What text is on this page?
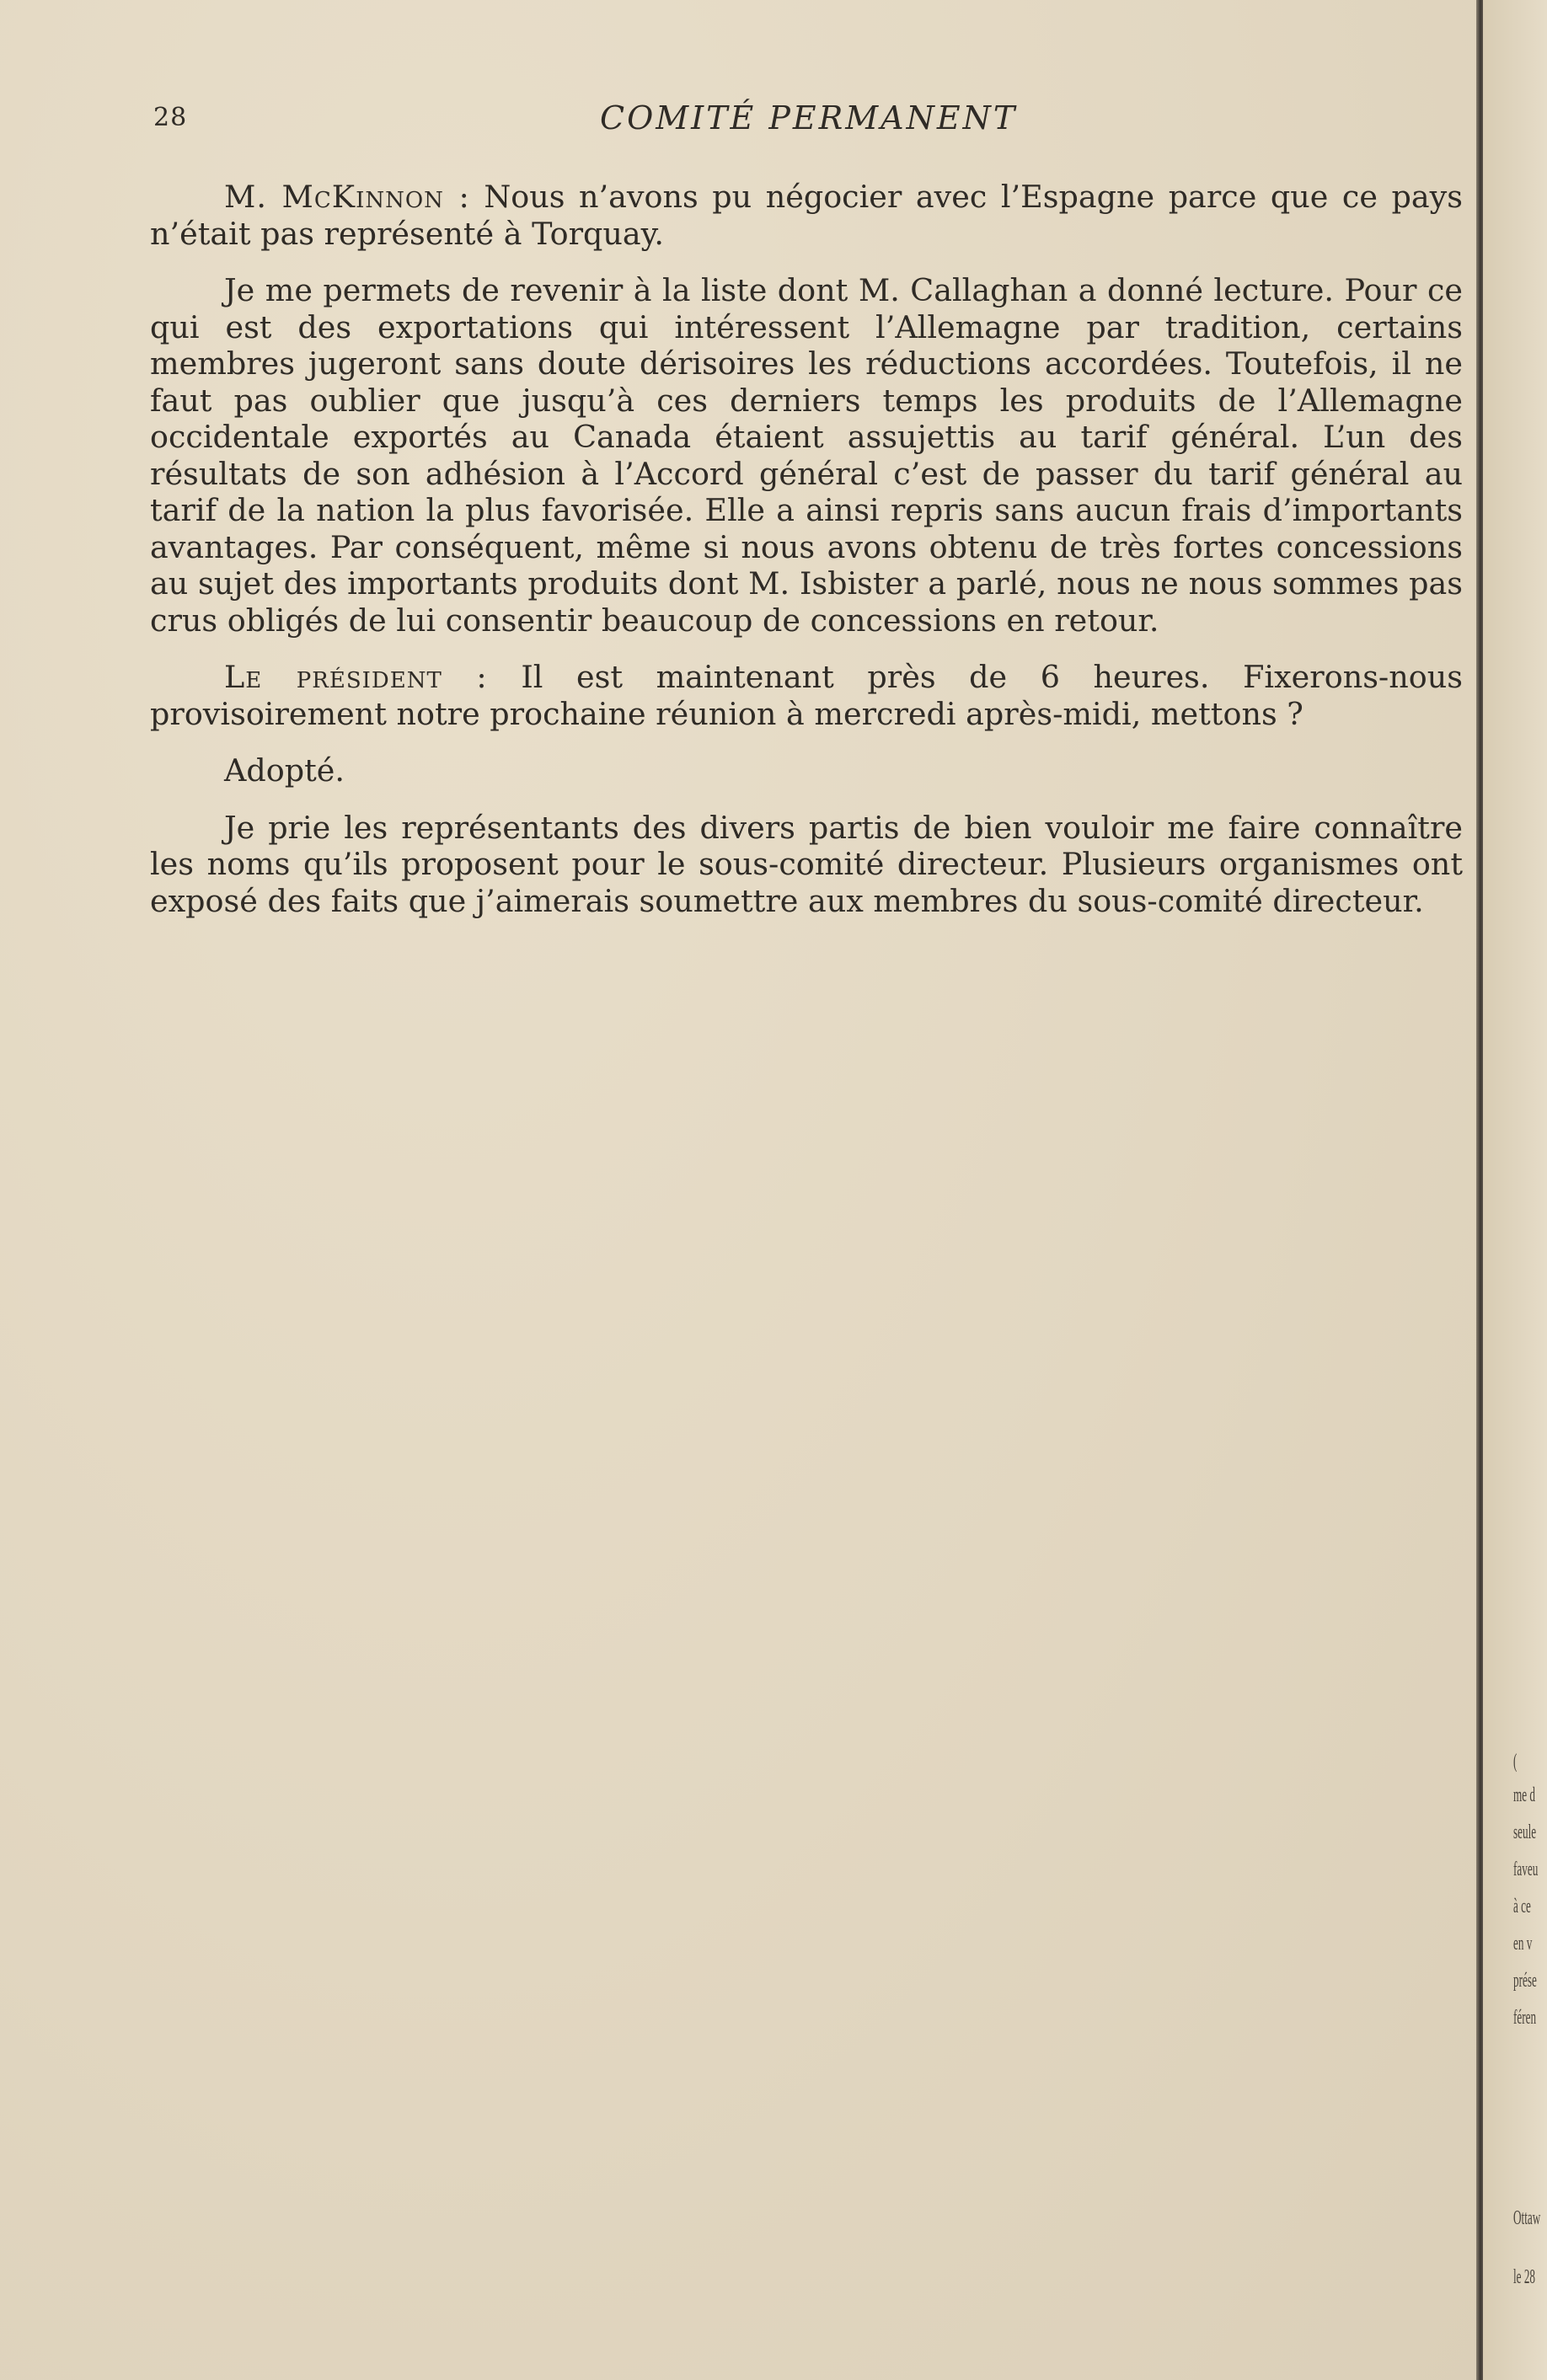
28	COMITÉ PERMANENT

M. McKinnon : Nous n’avons pu négocier avec l’Espagne parce que ce pays n’était pas représenté à Torquay.

Je me permets de revenir à la liste dont M. Callaghan a donné lecture. Pour ce qui est des exportations qui intéressent l’Allemagne par tradition, certains membres jugeront sans doute dérisoires les réductions accordées. Toutefois, il ne faut pas oublier que jusqu’à ces derniers temps les produits de l’Allemagne occidentale exportés au Canada étaient assujettis au tarif général. L’un des résultats de son adhésion à l’Accord général c’est de passer du tarif général au tarif de la nation la plus favorisée. Elle a ainsi repris sans aucun frais d’importants avantages. Par conséquent, même si nous avons obtenu de très fortes concessions au sujet des importants produits dont M. Isbister a parlé, nous ne nous sommes pas crus obligés de lui consentir beaucoup de concessions en retour.

Le président : Il est maintenant près de 6 heures. Fixerons-nous provisoirement notre prochaine réunion à mercredi après-midi, mettons ?

Adopté.

Je prie les représentants des divers partis de bien vouloir me faire connaître les noms qu’ils proposent pour le sous-comité directeur. Plusieurs organismes ont exposé des faits que j’aimerais soumettre aux membres du sous-comité directeur.

(
me d
seule
faveu
à ce
en v
prése
féren
Ottaw
le 28
